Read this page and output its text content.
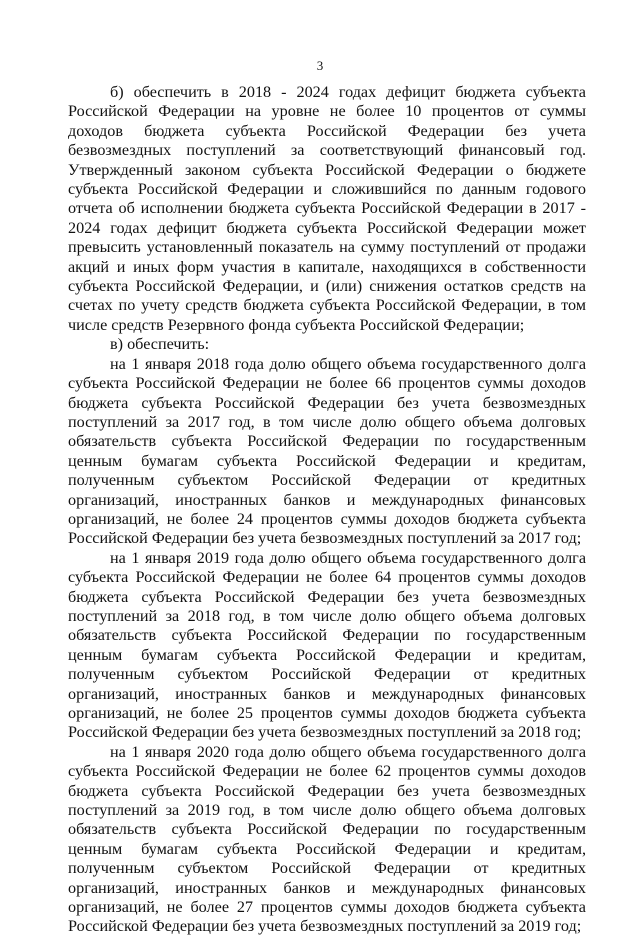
3

б) обеспечить в 2018 - 2024 годах дефицит бюджета субъекта Российской Федерации на уровне не более 10 процентов от суммы доходов бюджета субъекта Российской Федерации без учета безвозмездных поступлений за соответствующий финансовый год. Утвержденный законом субъекта Российской Федерации о бюджете субъекта Российской Федерации и сложившийся по данным годового отчета об исполнении бюджета субъекта Российской Федерации в 2017 - 2024 годах дефицит бюджета субъекта Российской Федерации может превысить установленный показатель на сумму поступлений от продажи акций и иных форм участия в капитале, находящихся в собственности субъекта Российской Федерации, и (или) снижения остатков средств на счетах по учету средств бюджета субъекта Российской Федерации, в том числе средств Резервного фонда субъекта Российской Федерации;

в) обеспечить:

на 1 января 2018 года долю общего объема государственного долга субъекта Российской Федерации не более 66 процентов суммы доходов бюджета субъекта Российской Федерации без учета безвозмездных поступлений за 2017 год, в том числе долю общего объема долговых обязательств субъекта Российской Федерации по государственным ценным бумагам субъекта Российской Федерации и кредитам, полученным субъектом Российской Федерации от кредитных организаций, иностранных банков и международных финансовых организаций, не более 24 процентов суммы доходов бюджета субъекта Российской Федерации без учета безвозмездных поступлений за 2017 год;

на 1 января 2019 года долю общего объема государственного долга субъекта Российской Федерации не более 64 процентов суммы доходов бюджета субъекта Российской Федерации без учета безвозмездных поступлений за 2018 год, в том числе долю общего объема долговых обязательств субъекта Российской Федерации по государственным ценным бумагам субъекта Российской Федерации и кредитам, полученным субъектом Российской Федерации от кредитных организаций, иностранных банков и международных финансовых организаций, не более 25 процентов суммы доходов бюджета субъекта Российской Федерации без учета безвозмездных поступлений за 2018 год;

на 1 января 2020 года долю общего объема государственного долга субъекта Российской Федерации не более 62 процентов суммы доходов бюджета субъекта Российской Федерации без учета безвозмездных поступлений за 2019 год, в том числе долю общего объема долговых обязательств субъекта Российской Федерации по государственным ценным бумагам субъекта Российской Федерации и кредитам, полученным субъектом Российской Федерации от кредитных организаций, иностранных банков и международных финансовых организаций, не более 27 процентов суммы доходов бюджета субъекта Российской Федерации без учета безвозмездных поступлений за 2019 год;
